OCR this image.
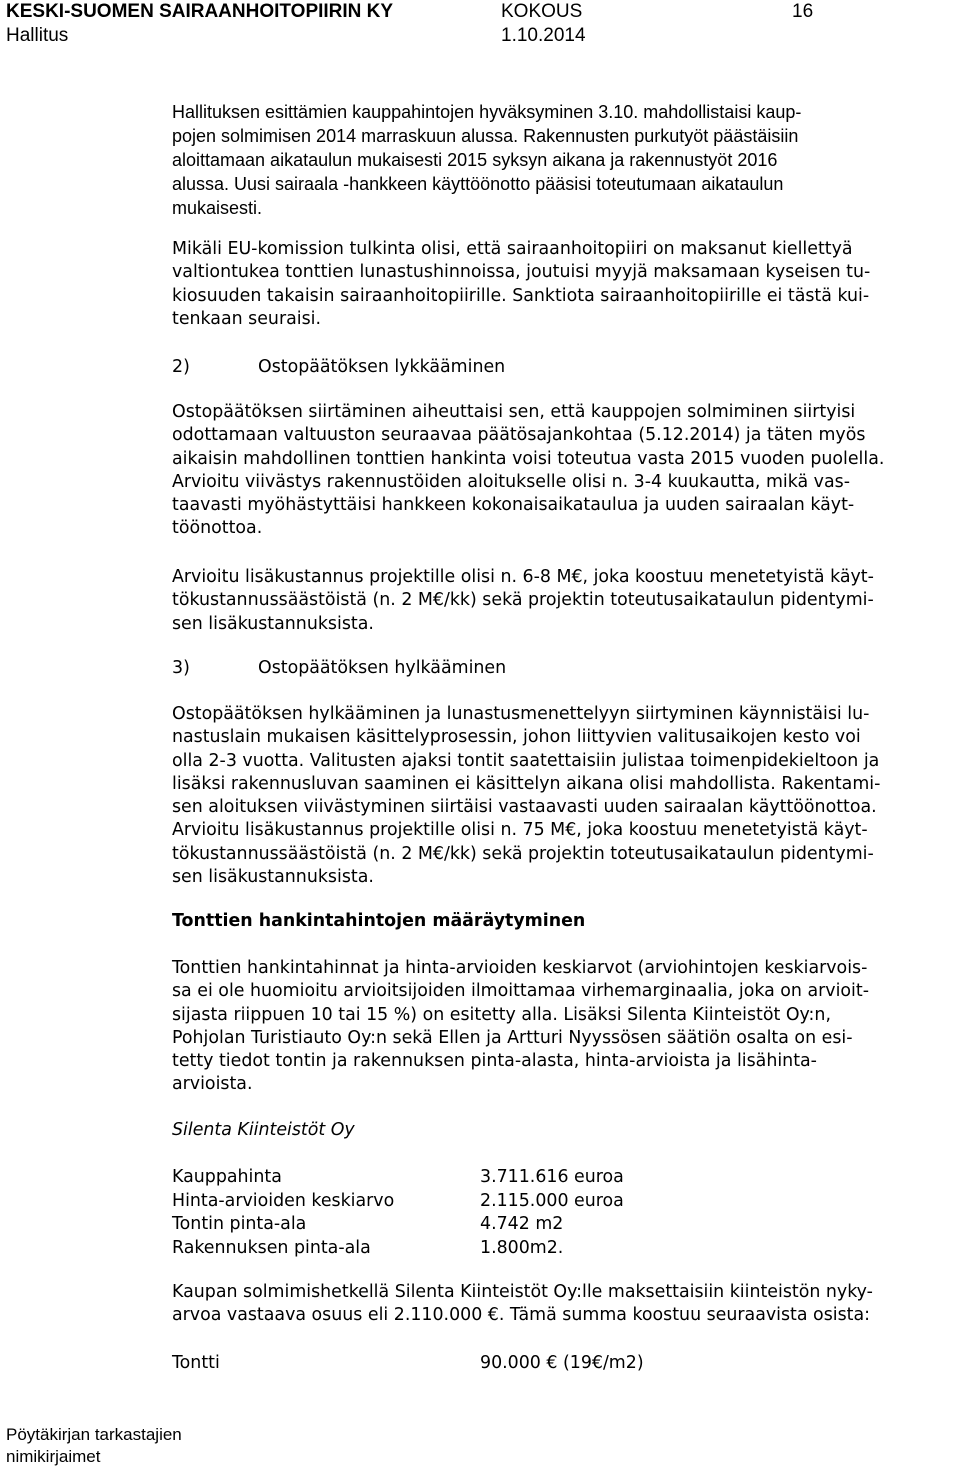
KESKI-SUOMEN SAIRAANHOITOPIIRIN KY	KOKOUS	16
Hallitus	1.10.2014
Hallituksen esittämien kauppahintojen hyväksyminen 3.10. mahdollistaisi kaup-
pojen solmimisen 2014 marraskuun alussa. Rakennusten purkutyöt päästäisiin
aloittamaan aikataulun mukaisesti 2015 syksyn aikana ja rakennustyöt 2016
alussa. Uusi sairaala -hankkeen käyttöönotto pääsisi toteutumaan aikataulun
mukaisesti.
Mikäli EU-komission tulkinta olisi, että sairaanhoitopiiri on maksanut kiellettyä
valtiontukea tonttien lunastushinnoissa, joutuisi myyjä maksamaan kyseisen tu-
kiosuuden takaisin sairaanhoitopiirille. Sanktiota sairaanhoitopiirille ei tästä kui-
tenkaan seuraisi.
2)	Ostopäätöksen lykkääminen
Ostopäätöksen siirtäminen aiheuttaisi sen, että kauppojen solmiminen siirtyisi
odottamaan valtuuston seuraavaa päätösajankohtaa (5.12.2014) ja täten myös
aikaisin mahdollinen tonttien hankinta voisi toteutua vasta 2015 vuoden puolella.
Arvioitu viivästys rakennustöiden aloitukselle olisi n. 3-4 kuukautta, mikä vas-
taavasti myöhästyttäisi hankkeen kokonaisaikataulua ja uuden sairaalan käyt-
töönottoa.
Arvioitu lisäkustannus projektille olisi n. 6-8 M€, joka koostuu menetetyistä käyt-
tökustannussäästöistä (n. 2 M€/kk) sekä projektin toteutusaikataulun pidentymi-
sen lisäkustannuksista.
3)	Ostopäätöksen hylkääminen
Ostopäätöksen hylkääminen ja lunastusmenettelyyn siirtyminen käynnistäisi lu-
nastuslain mukaisen käsittelyprosessin, johon liittyvien valitusaikojen kesto voi
olla 2-3 vuotta. Valitusten ajaksi tontit saatettaisiin julistaa toimenpidekieltoon ja
lisäksi rakennusluvan saaminen ei käsittelyn aikana olisi mahdollista. Rakentami-
sen aloituksen viivästyminen siirtäisi vastaavasti uuden sairaalan käyttöönottoa.
Arvioitu lisäkustannus projektille olisi n. 75 M€, joka koostuu menetetyistä käyt-
tökustannussäästöistä (n. 2 M€/kk) sekä projektin toteutusaikataulun pidentymi-
sen lisäkustannuksista.
Tonttien hankintahintojen määräytyminen
Tonttien hankintahinnat ja hinta-arvioiden keskiarvot (arviohintojen keskiarvois-
sa ei ole huomioitu arvioitsijoiden ilmoittamaa virhemarginaalia, joka on arvioit-
sijasta riippuen 10 tai 15 %) on esitetty alla. Lisäksi Silenta Kiinteistöt Oy:n,
Pohjolan Turistiauto Oy:n sekä Ellen ja Artturi Nyyssösen säätiön osalta on esi-
tetty tiedot tontin ja rakennuksen pinta-alasta, hinta-arvioista ja lisähinta-
arvioista.
Silenta Kiinteistöt Oy
Kauppahinta	3.711.616 euroa
Hinta-arvioiden keskiarvo	2.115.000 euroa
Tontin pinta-ala	4.742 m2
Rakennuksen pinta-ala	1.800m2.
Kaupan solmimishetkellä Silenta Kiinteistöt Oy:lle maksettaisiin kiinteistön nyky-
arvoa vastaava osuus eli 2.110.000 €. Tämä summa koostuu seuraavista osista:
Tontti	90.000 € (19€/m2)
Pöytäkirjan tarkastajien
nimikirjaimet
